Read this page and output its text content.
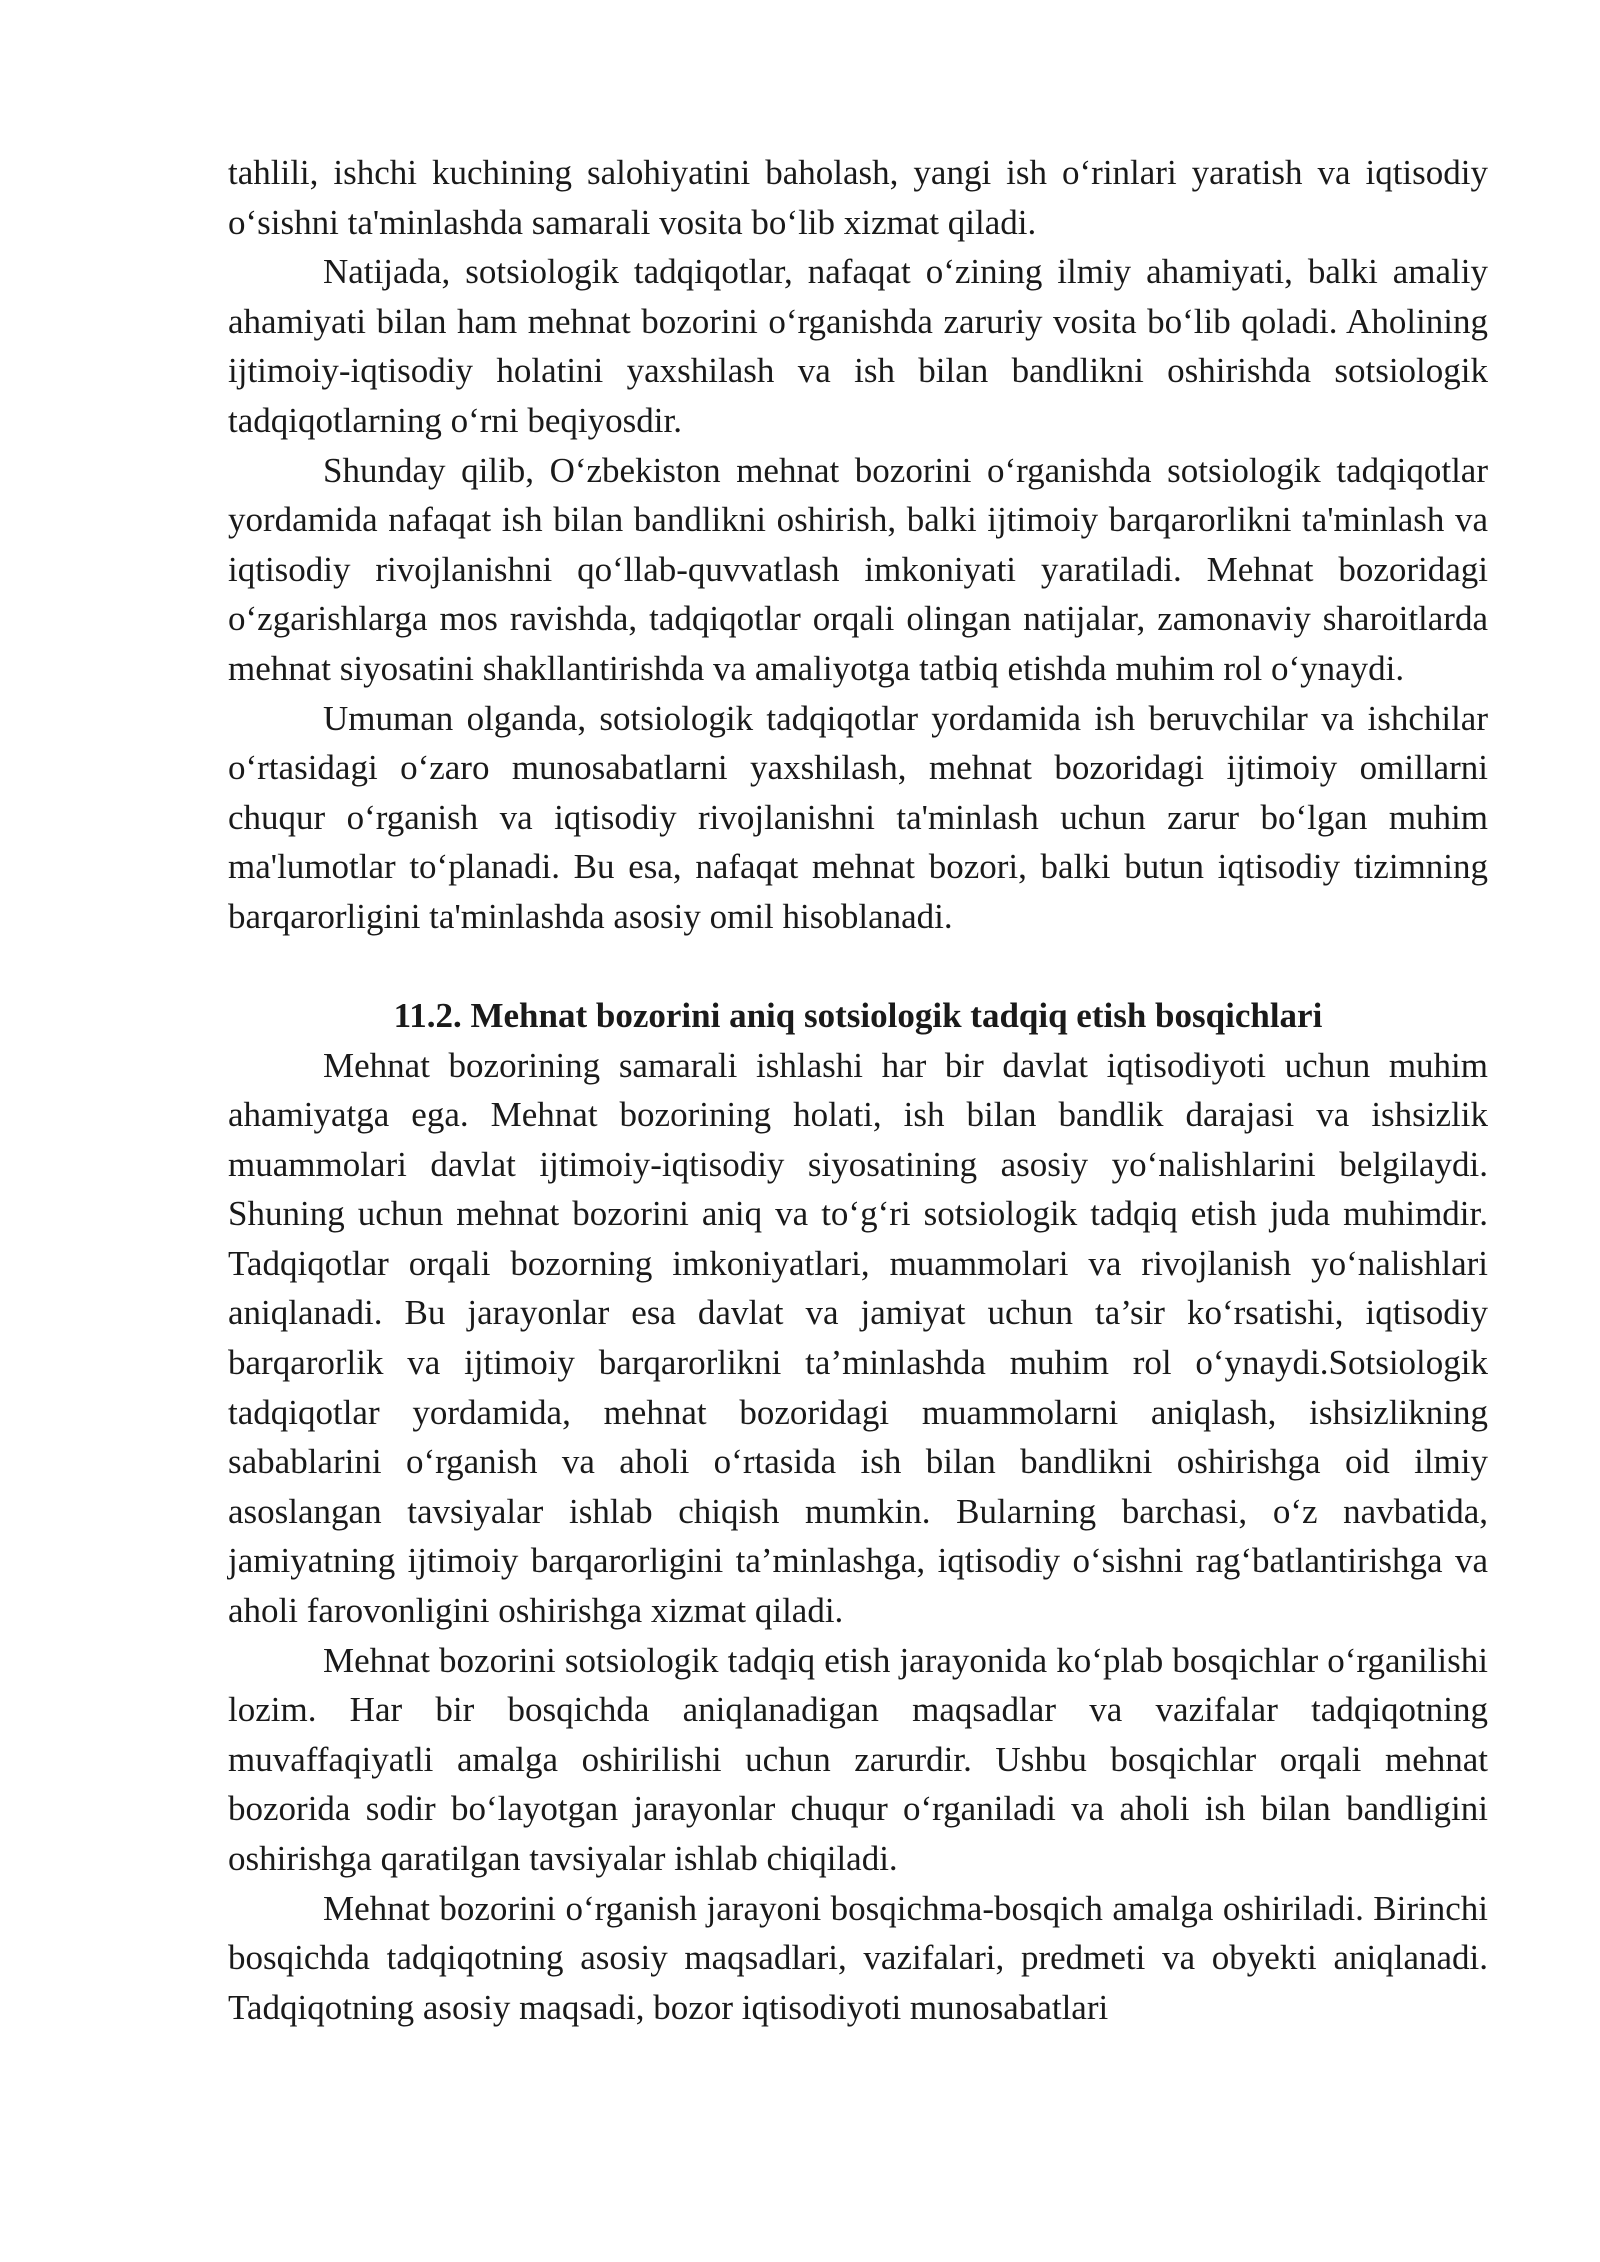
tahlili, ishchi kuchining salohiyatini baholash, yangi ish o‘rinlari yaratish va iqtisodiy o‘sishni ta'minlashda samarali vosita bo‘lib xizmat qiladi.

Natijada, sotsiologik tadqiqotlar, nafaqat o‘zining ilmiy ahamiyati, balki amaliy ahamiyati bilan ham mehnat bozorini o‘rganishda zaruriy vosita bo‘lib qoladi. Aholining ijtimoiy-iqtisodiy holatini yaxshilash va ish bilan bandlikni oshirishda sotsiologik tadqiqotlarning o‘rni beqiyosdir.

Shunday qilib, O‘zbekiston mehnat bozorini o‘rganishda sotsiologik tadqiqotlar yordamida nafaqat ish bilan bandlikni oshirish, balki ijtimoiy barqarorlikni ta'minlash va iqtisodiy rivojlanishni qo‘llab-quvvatlash imkoniyati yaratiladi. Mehnat bozoridagi o‘zgarishlarga mos ravishda, tadqiqotlar orqali olingan natijalar, zamonaviy sharoitlarda mehnat siyosatini shakllantirishda va amaliyotga tatbiq etishda muhim rol o‘ynaydi.

Umuman olganda, sotsiologik tadqiqotlar yordamida ish beruvchilar va ishchilar o‘rtasidagi o‘zaro munosabatlarni yaxshilash, mehnat bozoridagi ijtimoiy omillarni chuqur o‘rganish va iqtisodiy rivojlanishni ta'minlash uchun zarur bo‘lgan muhim ma'lumotlar to‘planadi. Bu esa, nafaqat mehnat bozori, balki butun iqtisodiy tizimning barqarorligini ta'minlashda asosiy omil hisoblanadi.

11.2. Mehnat bozorini aniq sotsiologik tadqiq etish bosqichlari

Mehnat bozorining samarali ishlashi har bir davlat iqtisodiyoti uchun muhim ahamiyatga ega. Mehnat bozorining holati, ish bilan bandlik darajasi va ishsizlik muammolari davlat ijtimoiy-iqtisodiy siyosatining asosiy yo‘nalishlarini belgilaydi. Shuning uchun mehnat bozorini aniq va to‘g‘ri sotsiologik tadqiq etish juda muhimdir. Tadqiqotlar orqali bozorning imkoniyatlari, muammolari va rivojlanish yo‘nalishlari aniqlanadi. Bu jarayonlar esa davlat va jamiyat uchun ta’sir ko‘rsatishi, iqtisodiy barqarorlik va ijtimoiy barqarorlikni ta’minlashda muhim rol o‘ynaydi.Sotsiologik tadqiqotlar yordamida, mehnat bozoridagi muammolarni aniqlash, ishsizlikning sabablarini o‘rganish va aholi o‘rtasida ish bilan bandlikni oshirishga oid ilmiy asoslangan tavsiyalar ishlab chiqish mumkin. Bularning barchasi, o‘z navbatida, jamiyatning ijtimoiy barqarorligini ta’minlashga, iqtisodiy o‘sishni rag‘batlantirishga va aholi farovonligini oshirishga xizmat qiladi.

Mehnat bozorini sotsiologik tadqiq etish jarayonida ko‘plab bosqichlar o‘rganilishi lozim. Har bir bosqichda aniqlanadigan maqsadlar va vazifalar tadqiqotning muvaffaqiyatli amalga oshirilishi uchun zarurdir. Ushbu bosqichlar orqali mehnat bozorida sodir bo‘layotgan jarayonlar chuqur o‘rganiladi va aholi ish bilan bandligini oshirishga qaratilgan tavsiyalar ishlab chiqiladi.

Mehnat bozorini o‘rganish jarayoni bosqichma-bosqich amalga oshiriladi. Birinchi bosqichda tadqiqotning asosiy maqsadlari, vazifalari, predmeti va obyekti aniqlanadi. Tadqiqotning asosiy maqsadi, bozor iqtisodiyoti munosabatlari
